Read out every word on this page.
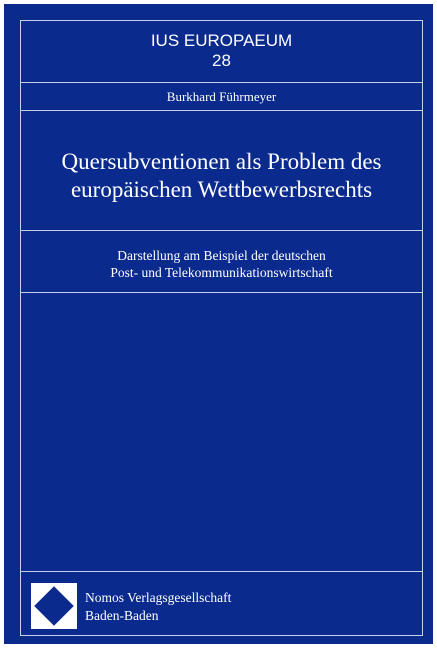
IUS EUROPAEUM
28
Burkhard Führmeyer
Quersubventionen als Problem des
europäischen Wettbewerbsrechts
Darstellung am Beispiel der deutschen
Post- und Telekommunikationswirtschaft
Nomos Verlagsgesellschaft
Baden-Baden
